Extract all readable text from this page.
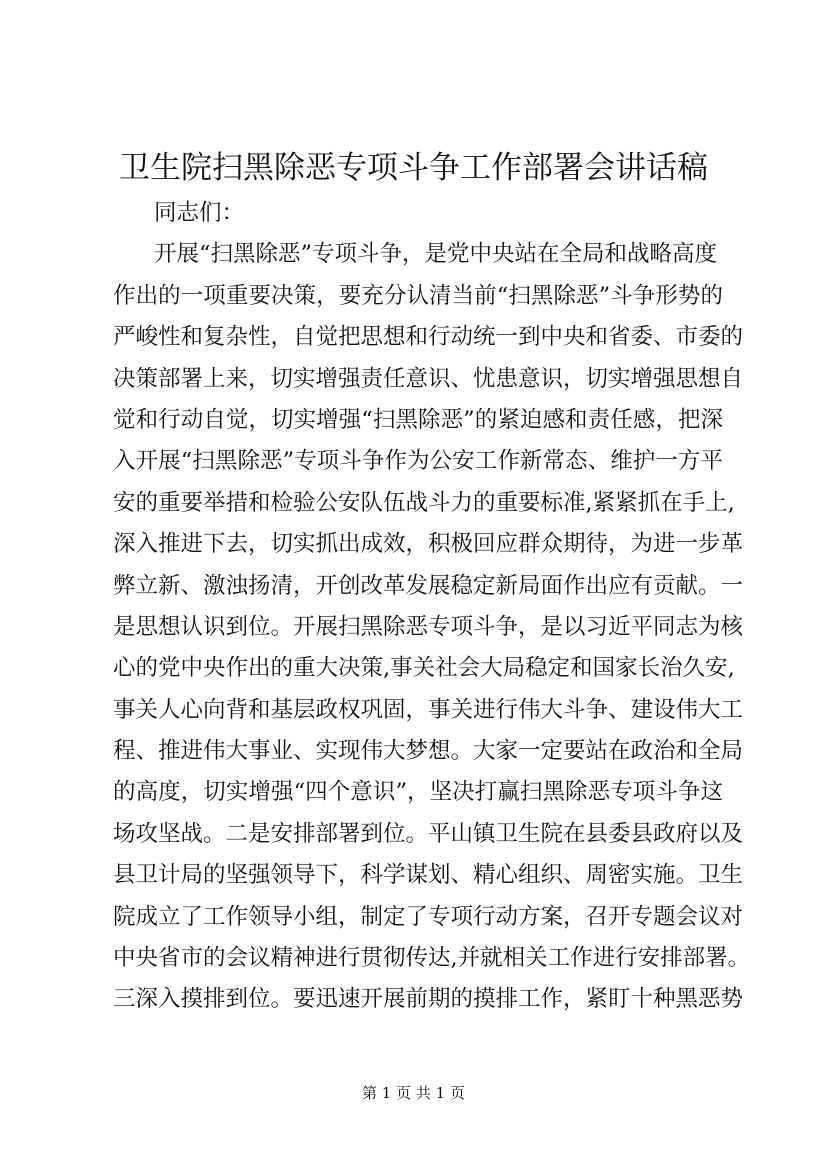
卫生院扫黑除恶专项斗争工作部署会讲话稿
同志们：
开展“扫黑除恶”专项斗争，是党中央站在全局和战略高度
作出的一项重要决策，要充分认清当前“扫黑除恶”斗争形势的
严峻性和复杂性，自觉把思想和行动统一到中央和省委、市委的
决策部署上来，切实增强责任意识、忧患意识，切实增强思想自
觉和行动自觉，切实增强“扫黑除恶”的紧迫感和责任感，把深
入开展“扫黑除恶”专项斗争作为公安工作新常态、维护一方平
安的重要举措和检验公安队伍战斗力的重要标准,紧紧抓在手上,
深入推进下去，切实抓出成效，积极回应群众期待，为进一步革
弊立新、激浊扬清，开创改革发展稳定新局面作出应有贡献。一
是思想认识到位。开展扫黑除恶专项斗争，是以习近平同志为核
心的党中央作出的重大决策,事关社会大局稳定和国家长治久安,
事关人心向背和基层政权巩固，事关进行伟大斗争、建设伟大工
程、推进伟大事业、实现伟大梦想。大家一定要站在政治和全局
的高度，切实增强“四个意识”，坚决打赢扫黑除恶专项斗争这
场攻坚战。二是安排部署到位。平山镇卫生院在县委县政府以及
县卫计局的坚强领导下，科学谋划、精心组织、周密实施。卫生
院成立了工作领导小组，制定了专项行动方案，召开专题会议对
中央省市的会议精神进行贯彻传达,并就相关工作进行安排部署。
三深入摸排到位。要迅速开展前期的摸排工作，紧盯十种黑恶势
第 1 页 共 1 页
